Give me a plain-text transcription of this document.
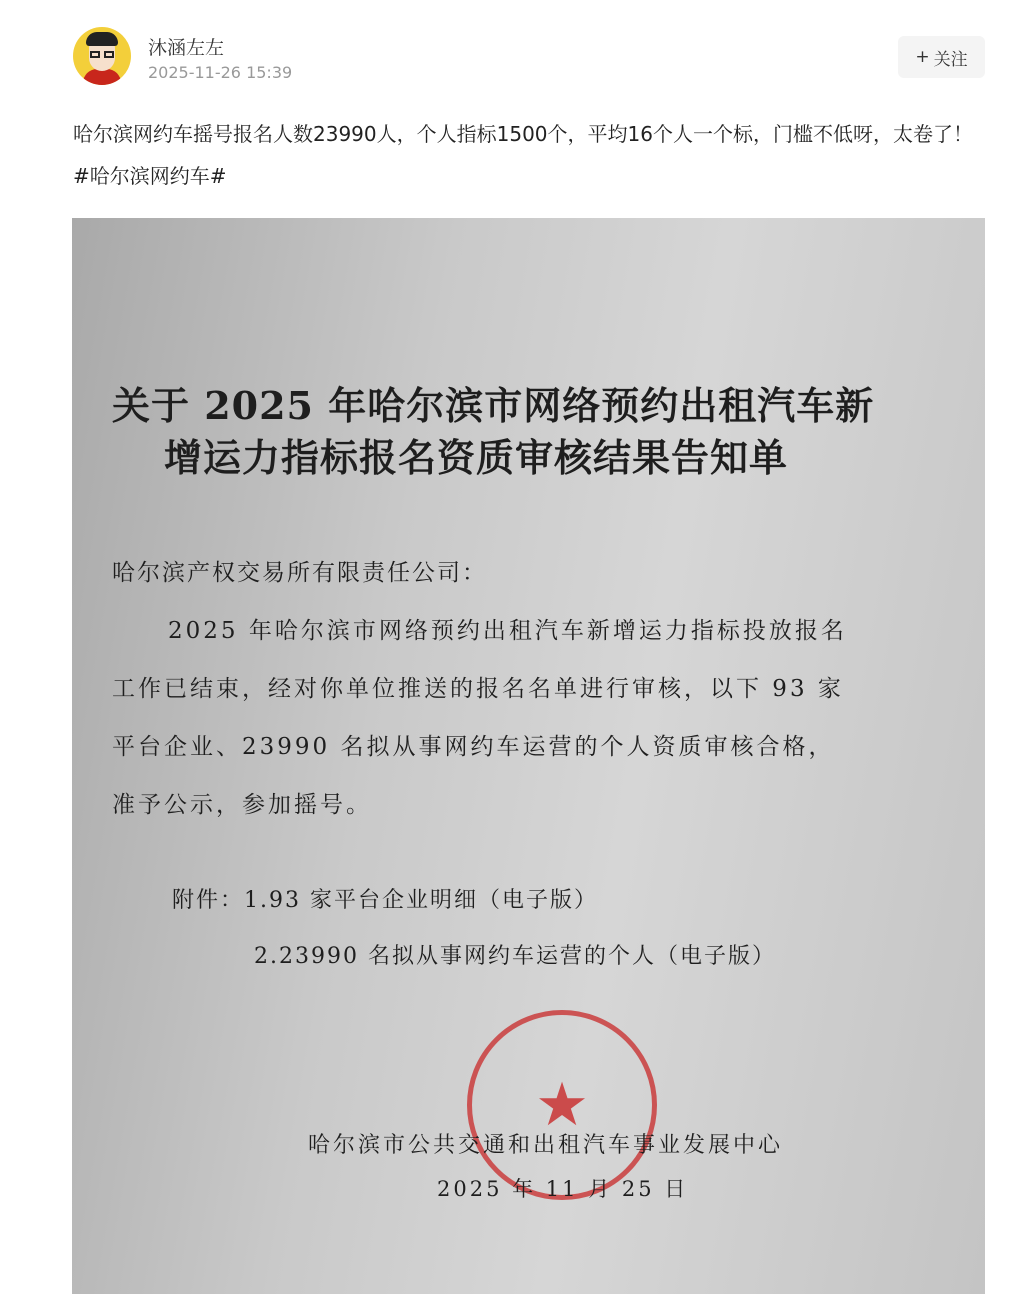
沐涵左左
2025-11-26 15:39
+ 关注
哈尔滨网约车摇号报名人数23990人，个人指标1500个，平均16个人一个标，门槛不低呀，太卷了！#哈尔滨网约车#
关于 2025 年哈尔滨市网络预约出租汽车新
增运力指标报名资质审核结果告知单
哈尔滨产权交易所有限责任公司：
2025 年哈尔滨市网络预约出租汽车新增运力指标投放报名工作已结束，经对你单位推送的报名名单进行审核，以下 93 家平台企业、23990 名拟从事网约车运营的个人资质审核合格，准予公示，参加摇号。
附件：1.93 家平台企业明细（电子版）
2.23990 名拟从事网约车运营的个人（电子版）
★
哈尔滨市公共交通和出租汽车事业发展中心
2025 年 11 月 25 日
